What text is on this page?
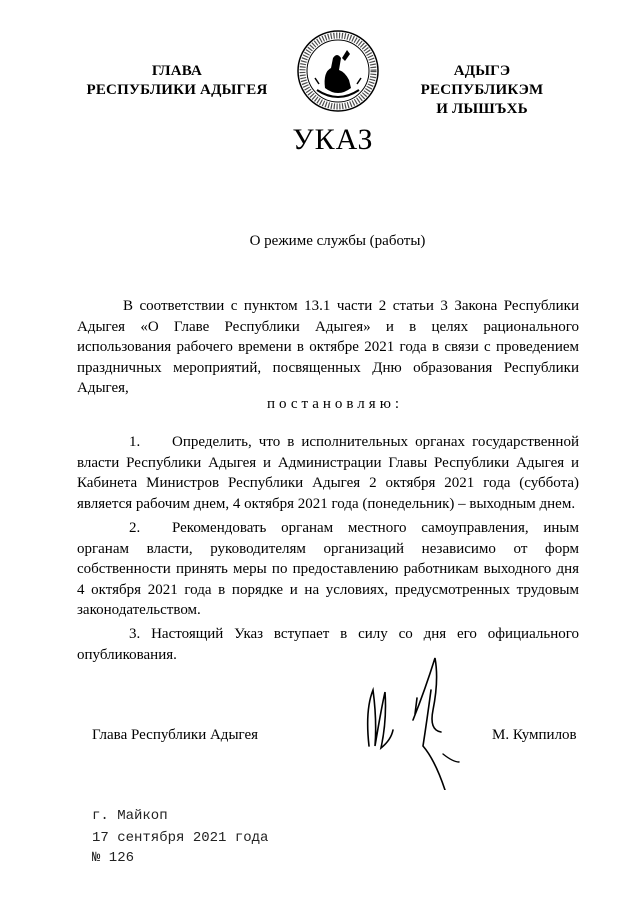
ГЛАВА
РЕСПУБЛИКИ АДЫГЕЯ
АДЫГЭ РЕСПУБЛИКЭМ
И ЛЫШЪХЬ
УКАЗ
О режиме службы (работы)
В соответствии с пунктом 13.1 части 2 статьи 3 Закона Республики Адыгея «О Главе Республики Адыгея» и в целях рационального использования рабочего времени в октябре 2021 года в связи с проведением праздничных мероприятий, посвященных Дню образования Республики Адыгея,
постановляю:
1. Определить, что в исполнительных органах государственной власти Республики Адыгея и Администрации Главы Республики Адыгея и Кабинета Министров Республики Адыгея 2 октября 2021 года (суббота) является рабочим днем, 4 октября 2021 года (понедельник) – выходным днем.
2. Рекомендовать органам местного самоуправления, иным органам власти, руководителям организаций независимо от форм собственности принять меры по предоставлению работникам выходного дня 4 октября 2021 года в порядке и на условиях, предусмотренных трудовым законодательством.
3. Настоящий Указ вступает в силу со дня его официального опубликования.
Глава Республики Адыгея	М. Кумпилов
г. Майкоп
17 сентября 2021 года
№ 126
